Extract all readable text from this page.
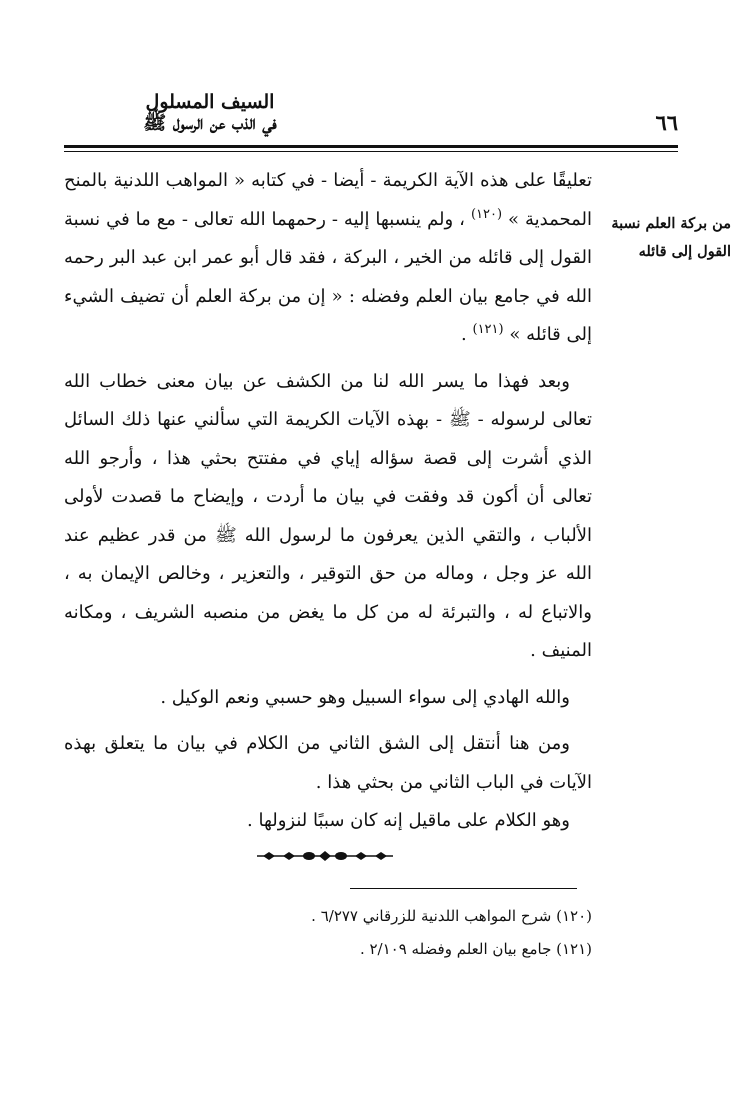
السيف المسلول
في الذب عن الرسول ﷺ	٦٦
من بركة العلم نسبة القول إلى قائله

تعليقًا على هذه الآية الكريمة - أيضا - في كتابه « المواهب اللدنية بالمنح المحمدية » $^{(١٢٠)}$ ، ولم ينسبها إليه - رحمهما الله تعالى - مع ما في نسبة القول إلى قائله من الخير ، البركة ، فقد قال أبو عمر ابن عبد البر رحمه الله في جامع بيان العلم وفضله : « إن من بركة العلم أن تضيف الشيء إلى قائله » $^{(١٢١)}$ .

وبعد فهذا ما يسر الله لنا من الكشف عن بيان معنى خطاب الله تعالى لرسوله - ﷺ - بهذه الآيات الكريمة التي سألني عنها ذلك السائل الذي أشرت إلى قصة سؤاله إياي في مفتتح بحثي هذا ، وأرجو الله تعالى أن أكون قد وفقت في بيان ما أردت ، وإيضاح ما قصدت لأولى الألباب ، والتقي الذين يعرفون ما لرسول الله ﷺ من قدر عظيم عند الله عز وجل ، وماله من حق التوقير ، والتعزير ، وخالص الإيمان به ، والاتباع له ، والتبرئة له من كل ما يغض من منصبه الشريف ، ومكانه المنيف .

والله الهادي إلى سواء السبيل وهو حسبي ونعم الوكيل .

ومن هنا أنتقل إلى الشق الثاني من الكلام في بيان ما يتعلق بهذه الآيات في الباب الثاني من بحثي هذا .

وهو الكلام على ماقيل إنه كان سببًا لنزولها .

(١٢٠) شرح المواهب اللدنية للزرقاني ٦/٢٧٧ .
(١٢١) جامع بيان العلم وفضله ٢/١٠٩ .
